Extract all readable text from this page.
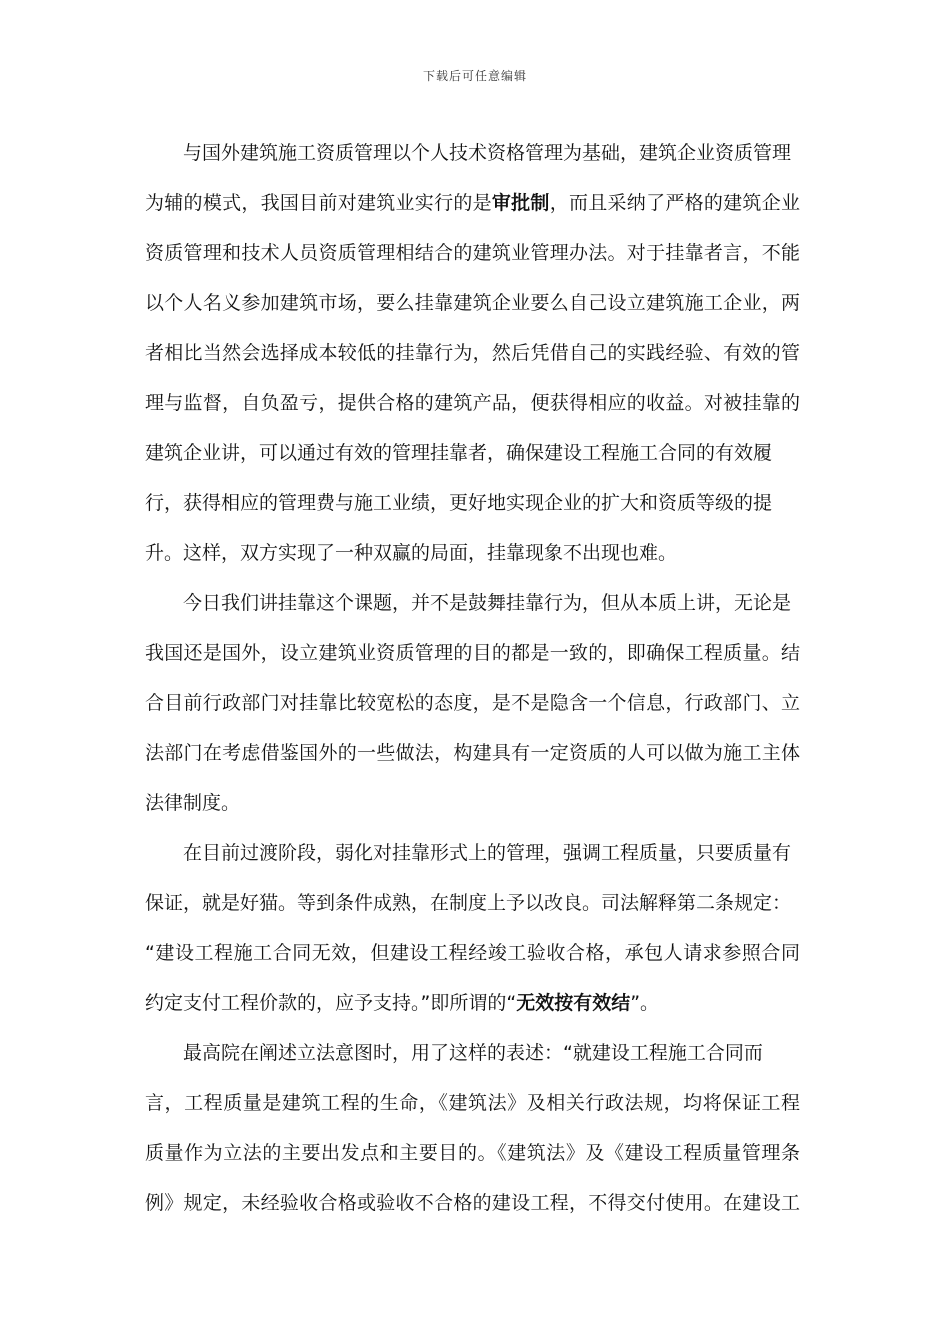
下载后可任意编辑
与国外建筑施工资质管理以个人技术资格管理为基础，建筑企业资质管理
为辅的模式，我国目前对建筑业实行的是审批制，而且采纳了严格的建筑企业
资质管理和技术人员资质管理相结合的建筑业管理办法。对于挂靠者言，不能
以个人名义参加建筑市场，要么挂靠建筑企业要么自己设立建筑施工企业，两
者相比当然会选择成本较低的挂靠行为，然后凭借自己的实践经验、有效的管
理与监督，自负盈亏，提供合格的建筑产品，便获得相应的收益。对被挂靠的
建筑企业讲，可以通过有效的管理挂靠者，确保建设工程施工合同的有效履
行，获得相应的管理费与施工业绩，更好地实现企业的扩大和资质等级的提
升。这样，双方实现了一种双赢的局面，挂靠现象不出现也难。
今日我们讲挂靠这个课题，并不是鼓舞挂靠行为，但从本质上讲，无论是
我国还是国外，设立建筑业资质管理的目的都是一致的，即确保工程质量。结
合目前行政部门对挂靠比较宽松的态度，是不是隐含一个信息，行政部门、立
法部门在考虑借鉴国外的一些做法，构建具有一定资质的人可以做为施工主体
法律制度。
在目前过渡阶段，弱化对挂靠形式上的管理，强调工程质量，只要质量有
保证，就是好猫。等到条件成熟，在制度上予以改良。司法解释第二条规定：
“建设工程施工合同无效，但建设工程经竣工验收合格，承包人请求参照合同
约定支付工程价款的，应予支持。”即所谓的“无效按有效结”。
最高院在阐述立法意图时，用了这样的表述：“就建设工程施工合同而
言，工程质量是建筑工程的生命，《建筑法》及相关行政法规，均将保证工程
质量作为立法的主要出发点和主要目的。《建筑法》及《建设工程质量管理条
例》规定，未经验收合格或验收不合格的建设工程，不得交付使用。在建设工
